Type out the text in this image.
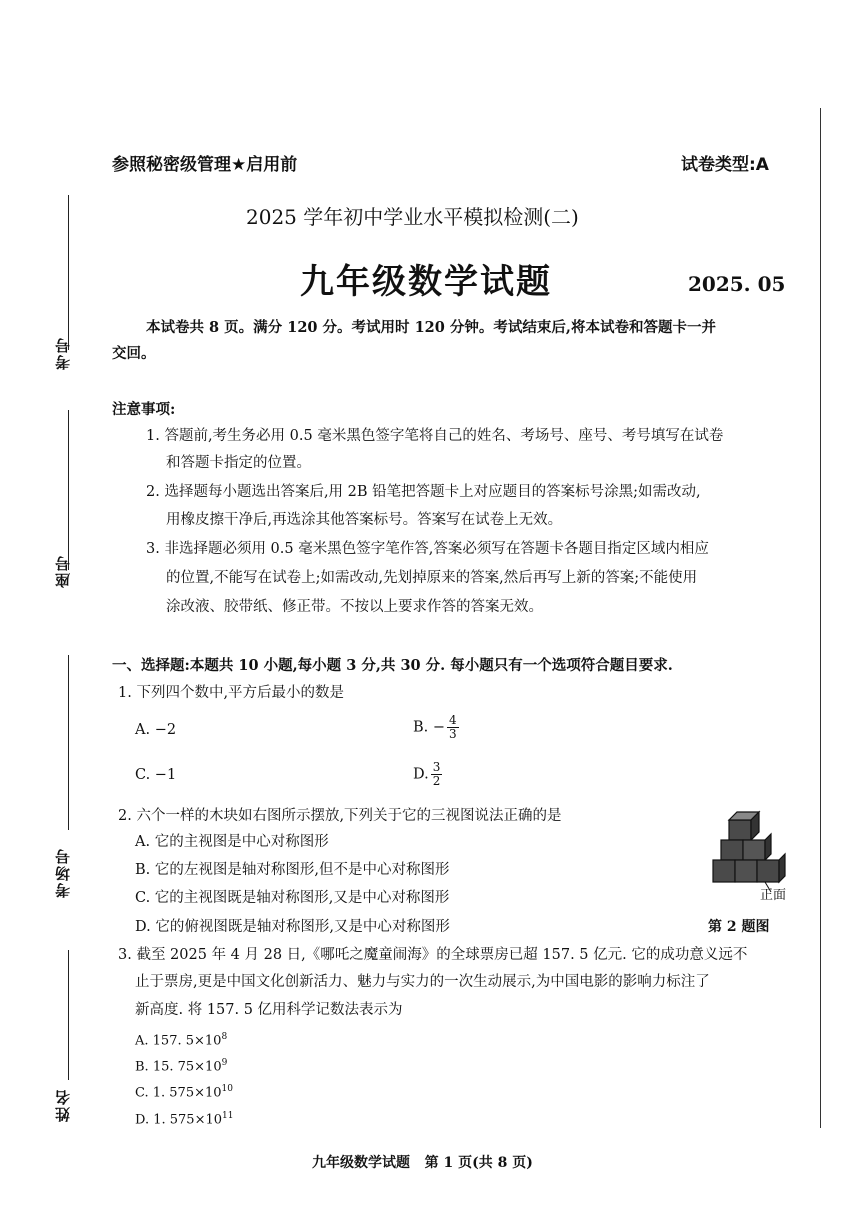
考号
座号
考场号
姓名
参照秘密级管理★启用前	试卷类型:A
2025 学年初中学业水平模拟检测(二)
九年级数学试题	2025. 05
本试卷共 8 页。满分 120 分。考试用时 120 分钟。考试结束后,将本试卷和答题卡一并
交回。
注意事项:
1. 答题前,考生务必用 0.5 毫米黑色签字笔将自己的姓名、考场号、座号、考号填写在试卷
和答题卡指定的位置。
2. 选择题每小题选出答案后,用 2B 铅笔把答题卡上对应题目的答案标号涂黑;如需改动,
用橡皮擦干净后,再选涂其他答案标号。答案写在试卷上无效。
3. 非选择题必须用 0.5 毫米黑色签字笔作答,答案必须写在答题卡各题目指定区域内相应
的位置,不能写在试卷上;如需改动,先划掉原来的答案,然后再写上新的答案;不能使用
涂改液、胶带纸、修正带。不按以上要求作答的答案无效。
一、选择题:本题共 10 小题,每小题 3 分,共 30 分. 每小题只有一个选项符合题目要求.
1. 下列四个数中,平方后最小的数是
A. −2	B. − $\frac{4}{3}$
C. −1	D. $\frac{3}{2}$
2. 六个一样的木块如右图所示摆放,下列关于它的三视图说法正确的是
A. 它的主视图是中心对称图形
B. 它的左视图是轴对称图形,但不是中心对称图形
C. 它的主视图既是轴对称图形,又是中心对称图形
D. 它的俯视图既是轴对称图形,又是中心对称图形
正面
第 2 题图
3. 截至 2025 年 4 月 28 日,《哪吒之魔童闹海》的全球票房已超 157. 5 亿元. 它的成功意义远不
止于票房,更是中国文化创新活力、魅力与实力的一次生动展示,为中国电影的影响力标注了
新高度. 将 157. 5 亿用科学记数法表示为
A. 157. $5\times 10^8$
B. 15. $75\times 10^9$
C. 1. $575\times 10^{10}$
D. 1. $575\times 10^{11}$
九年级数学试题   第 1 页(共 8 页)
